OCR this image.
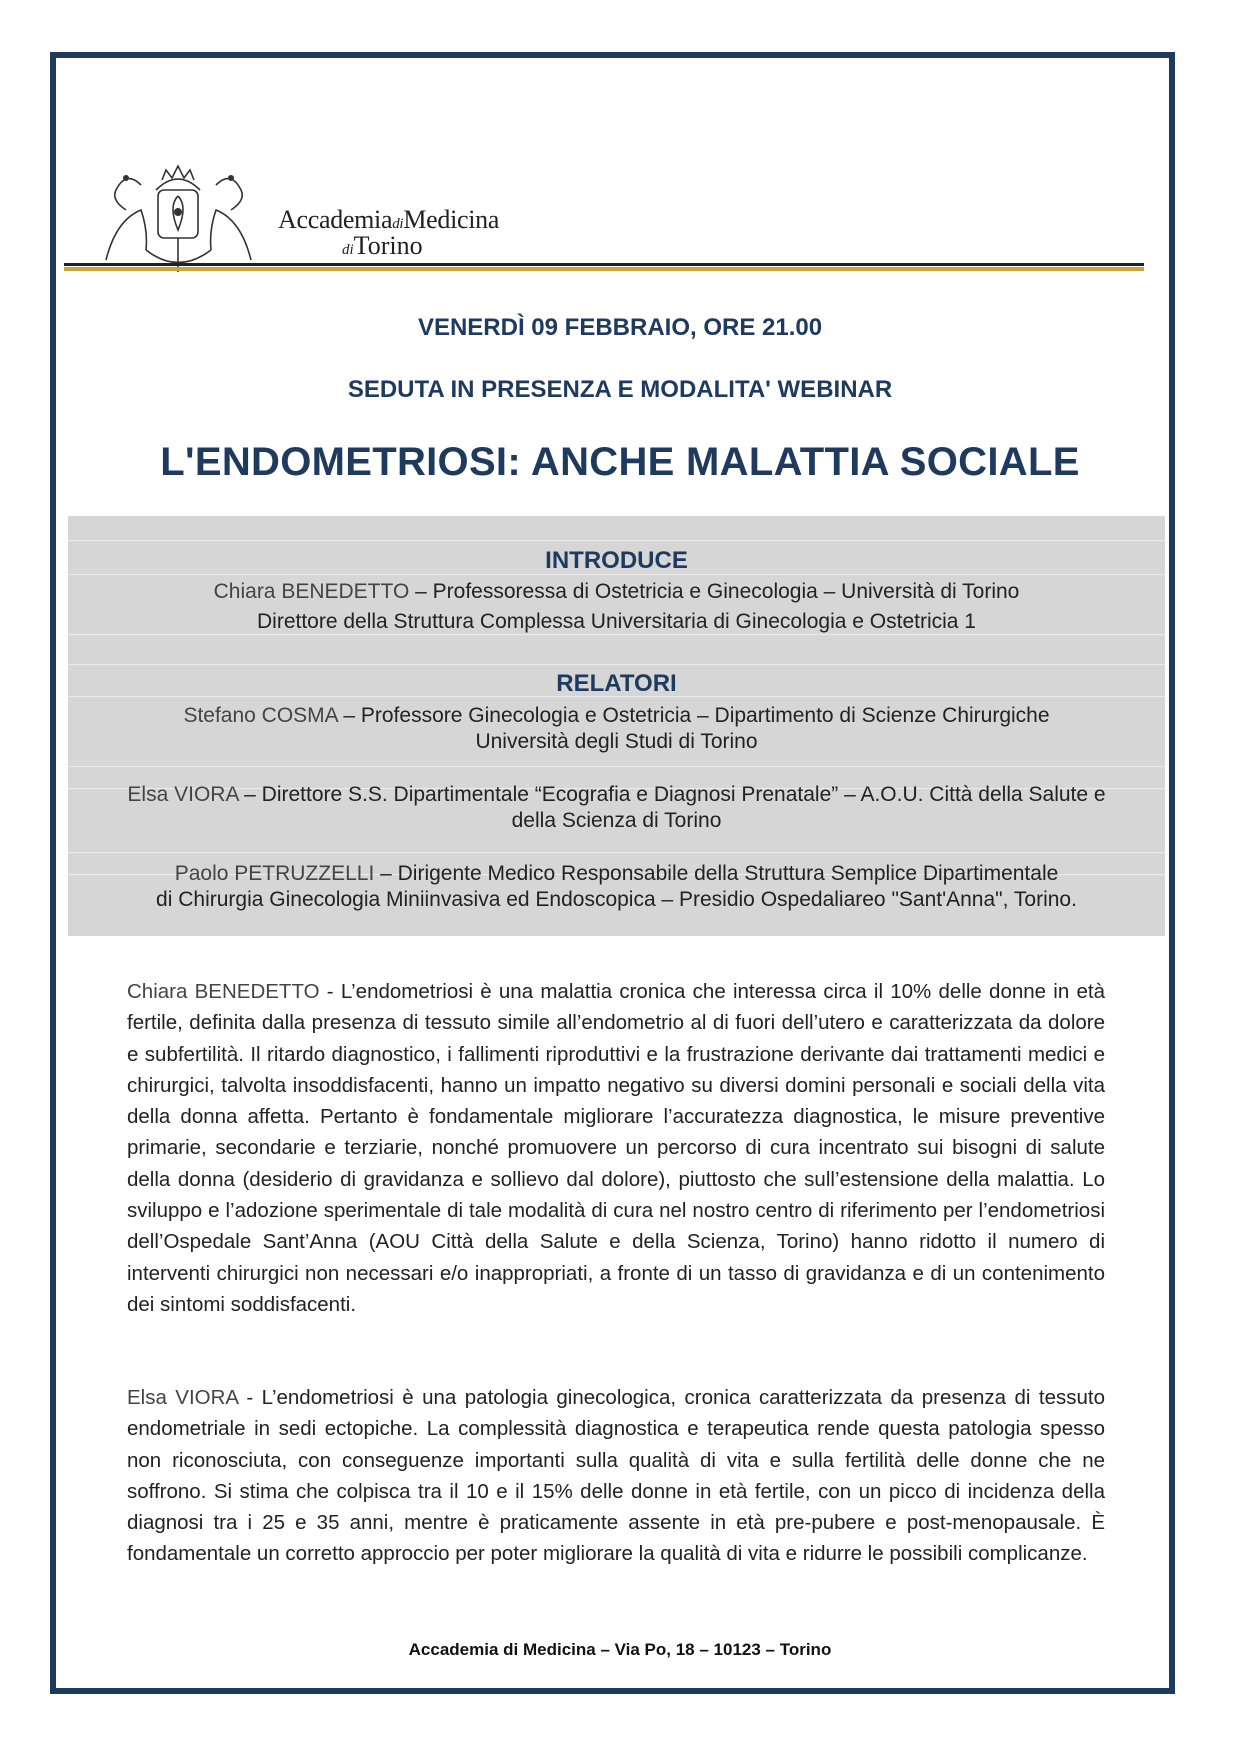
AccademiadiMedicina
diTorino
VENERDÌ 09 FEBBRAIO, ORE 21.00
SEDUTA IN PRESENZA E MODALITA' WEBINAR
L'ENDOMETRIOSI: ANCHE MALATTIA SOCIALE
INTRODUCE
Chiara BENEDETTO – Professoressa di Ostetricia e Ginecologia – Università di Torino
Direttore della Struttura Complessa Universitaria di Ginecologia e Ostetricia 1
RELATORI
Stefano COSMA – Professore Ginecologia e Ostetricia – Dipartimento di Scienze Chirurgiche
Università degli Studi di Torino
Elsa VIORA – Direttore S.S. Dipartimentale “Ecografia e Diagnosi Prenatale” – A.O.U. Città della Salute e
della Scienza di Torino
Paolo PETRUZZELLI – Dirigente Medico Responsabile della Struttura Semplice Dipartimentale
di Chirurgia Ginecologia Miniinvasiva ed Endoscopica – Presidio Ospedaliareo "Sant'Anna", Torino.
Chiara BENEDETTO - L’endometriosi è una malattia cronica che interessa circa il 10% delle donne in età fertile, definita dalla presenza di tessuto simile all’endometrio al di fuori dell’utero e caratterizzata da dolore e subfertilità. Il ritardo diagnostico, i fallimenti riproduttivi e la frustrazione derivante dai trattamenti medici e chirurgici, talvolta insoddisfacenti, hanno un impatto negativo su diversi domini personali e sociali della vita della donna affetta. Pertanto è fondamentale migliorare l’accuratezza diagnostica, le misure preventive primarie, secondarie e terziarie, nonché promuovere un percorso di cura incentrato sui bisogni di salute della donna (desiderio di gravidanza e sollievo dal dolore), piuttosto che sull’estensione della malattia. Lo sviluppo e l’adozione sperimentale di tale modalità di cura nel nostro centro di riferimento per l’endometriosi dell’Ospedale Sant’Anna (AOU Città della Salute e della Scienza, Torino) hanno ridotto il numero di interventi chirurgici non necessari e/o inappropriati, a fronte di un tasso di gravidanza e di un contenimento dei sintomi soddisfacenti.
Elsa VIORA - L’endometriosi è una patologia ginecologica, cronica caratterizzata da presenza di tessuto endometriale in sedi ectopiche. La complessità diagnostica e terapeutica rende questa patologia spesso non riconosciuta, con conseguenze importanti sulla qualità di vita e sulla fertilità delle donne che ne soffrono. Si stima che colpisca tra il 10 e il 15% delle donne in età fertile, con un picco di incidenza della diagnosi tra i 25 e 35 anni, mentre è praticamente assente in età pre-pubere e post-menopausale. È fondamentale un corretto approccio per poter migliorare la qualità di vita e ridurre le possibili complicanze.
Accademia di Medicina – Via Po, 18 – 10123 – Torino
